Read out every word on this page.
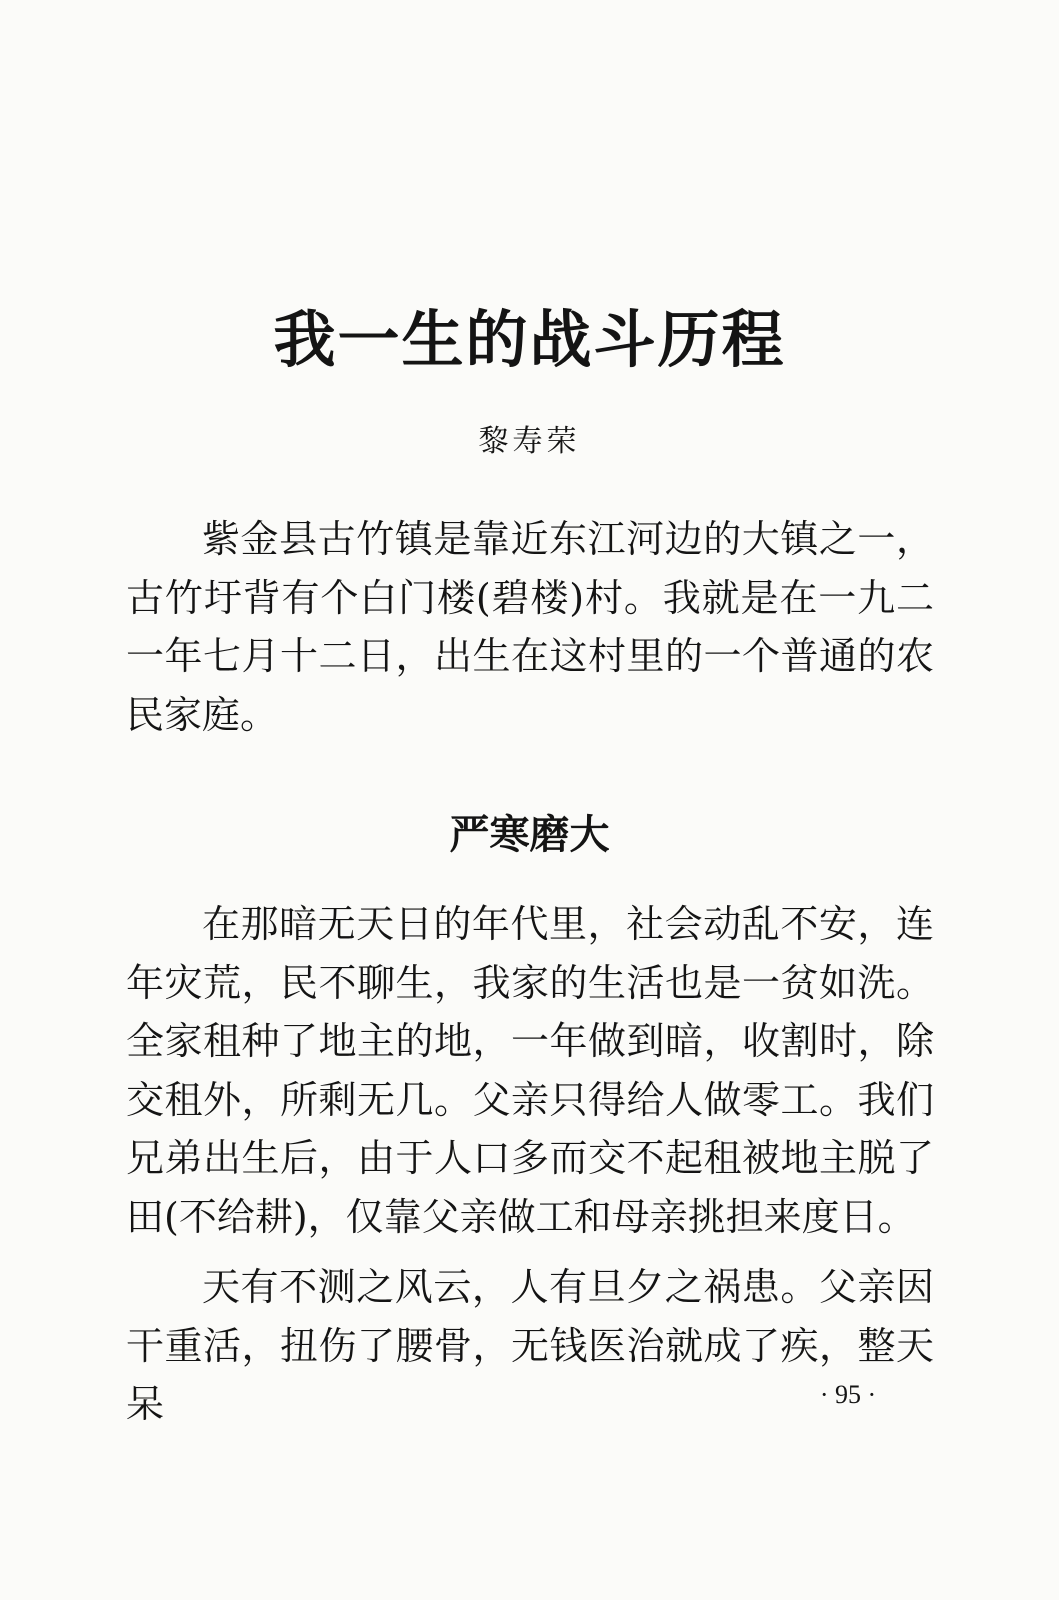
我一生的战斗历程
黎寿荣

紫金县古竹镇是靠近东江河边的大镇之一，古竹圩背有个白门楼(碧楼)村。我就是在一九二一年七月十二日，出生在这村里的一个普通的农民家庭。

严寒磨大

在那暗无天日的年代里，社会动乱不安，连年灾荒，民不聊生，我家的生活也是一贫如洗。全家租种了地主的地，一年做到暗，收割时，除交租外，所剩无几。父亲只得给人做零工。我们兄弟出生后，由于人口多而交不起租被地主脱了田(不给耕)，仅靠父亲做工和母亲挑担来度日。

天有不测之风云，人有旦夕之祸患。父亲因干重活，扭伤了腰骨，无钱医治就成了疾，整天呆	· 95 ·
